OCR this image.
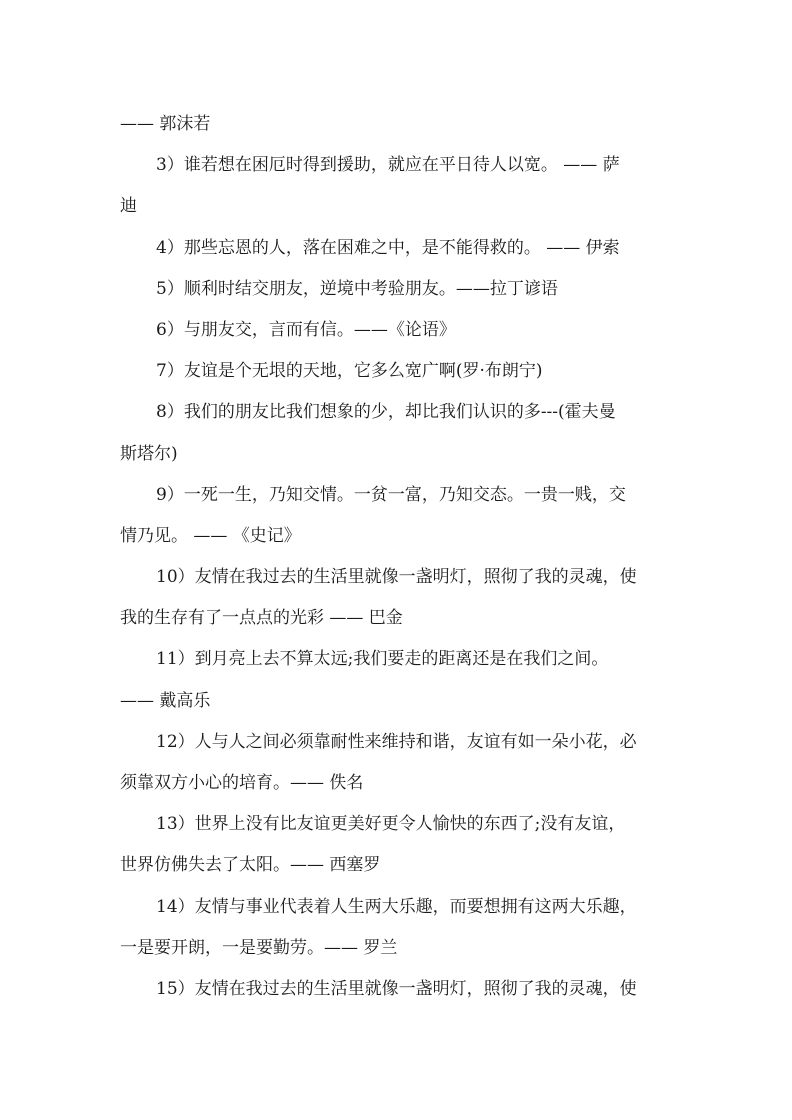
—— 郭沫若
3）谁若想在困厄时得到援助，就应在平日待人以宽。 —— 萨
迪
4）那些忘恩的人，落在困难之中，是不能得救的。 —— 伊索
5）顺利时结交朋友，逆境中考验朋友。——拉丁谚语
6）与朋友交，言而有信。——《论语》
7）友谊是个无垠的天地，它多么宽广啊(罗·布朗宁)
8）我们的朋友比我们想象的少，却比我们认识的多---(霍夫曼
斯塔尔)
9）一死一生，乃知交情。一贫一富，乃知交态。一贵一贱，交
情乃见。 —— 《史记》
10）友情在我过去的生活里就像一盏明灯，照彻了我的灵魂，使
我的生存有了一点点的光彩 —— 巴金
11）到月亮上去不算太远;我们要走的距离还是在我们之间。
—— 戴高乐
12）人与人之间必须靠耐性来维持和谐，友谊有如一朵小花，必
须靠双方小心的培育。—— 佚名
13）世界上没有比友谊更美好更令人愉快的东西了;没有友谊，
世界仿佛失去了太阳。—— 西塞罗
14）友情与事业代表着人生两大乐趣，而要想拥有这两大乐趣，
一是要开朗，一是要勤劳。—— 罗兰
15）友情在我过去的生活里就像一盏明灯，照彻了我的灵魂，使
